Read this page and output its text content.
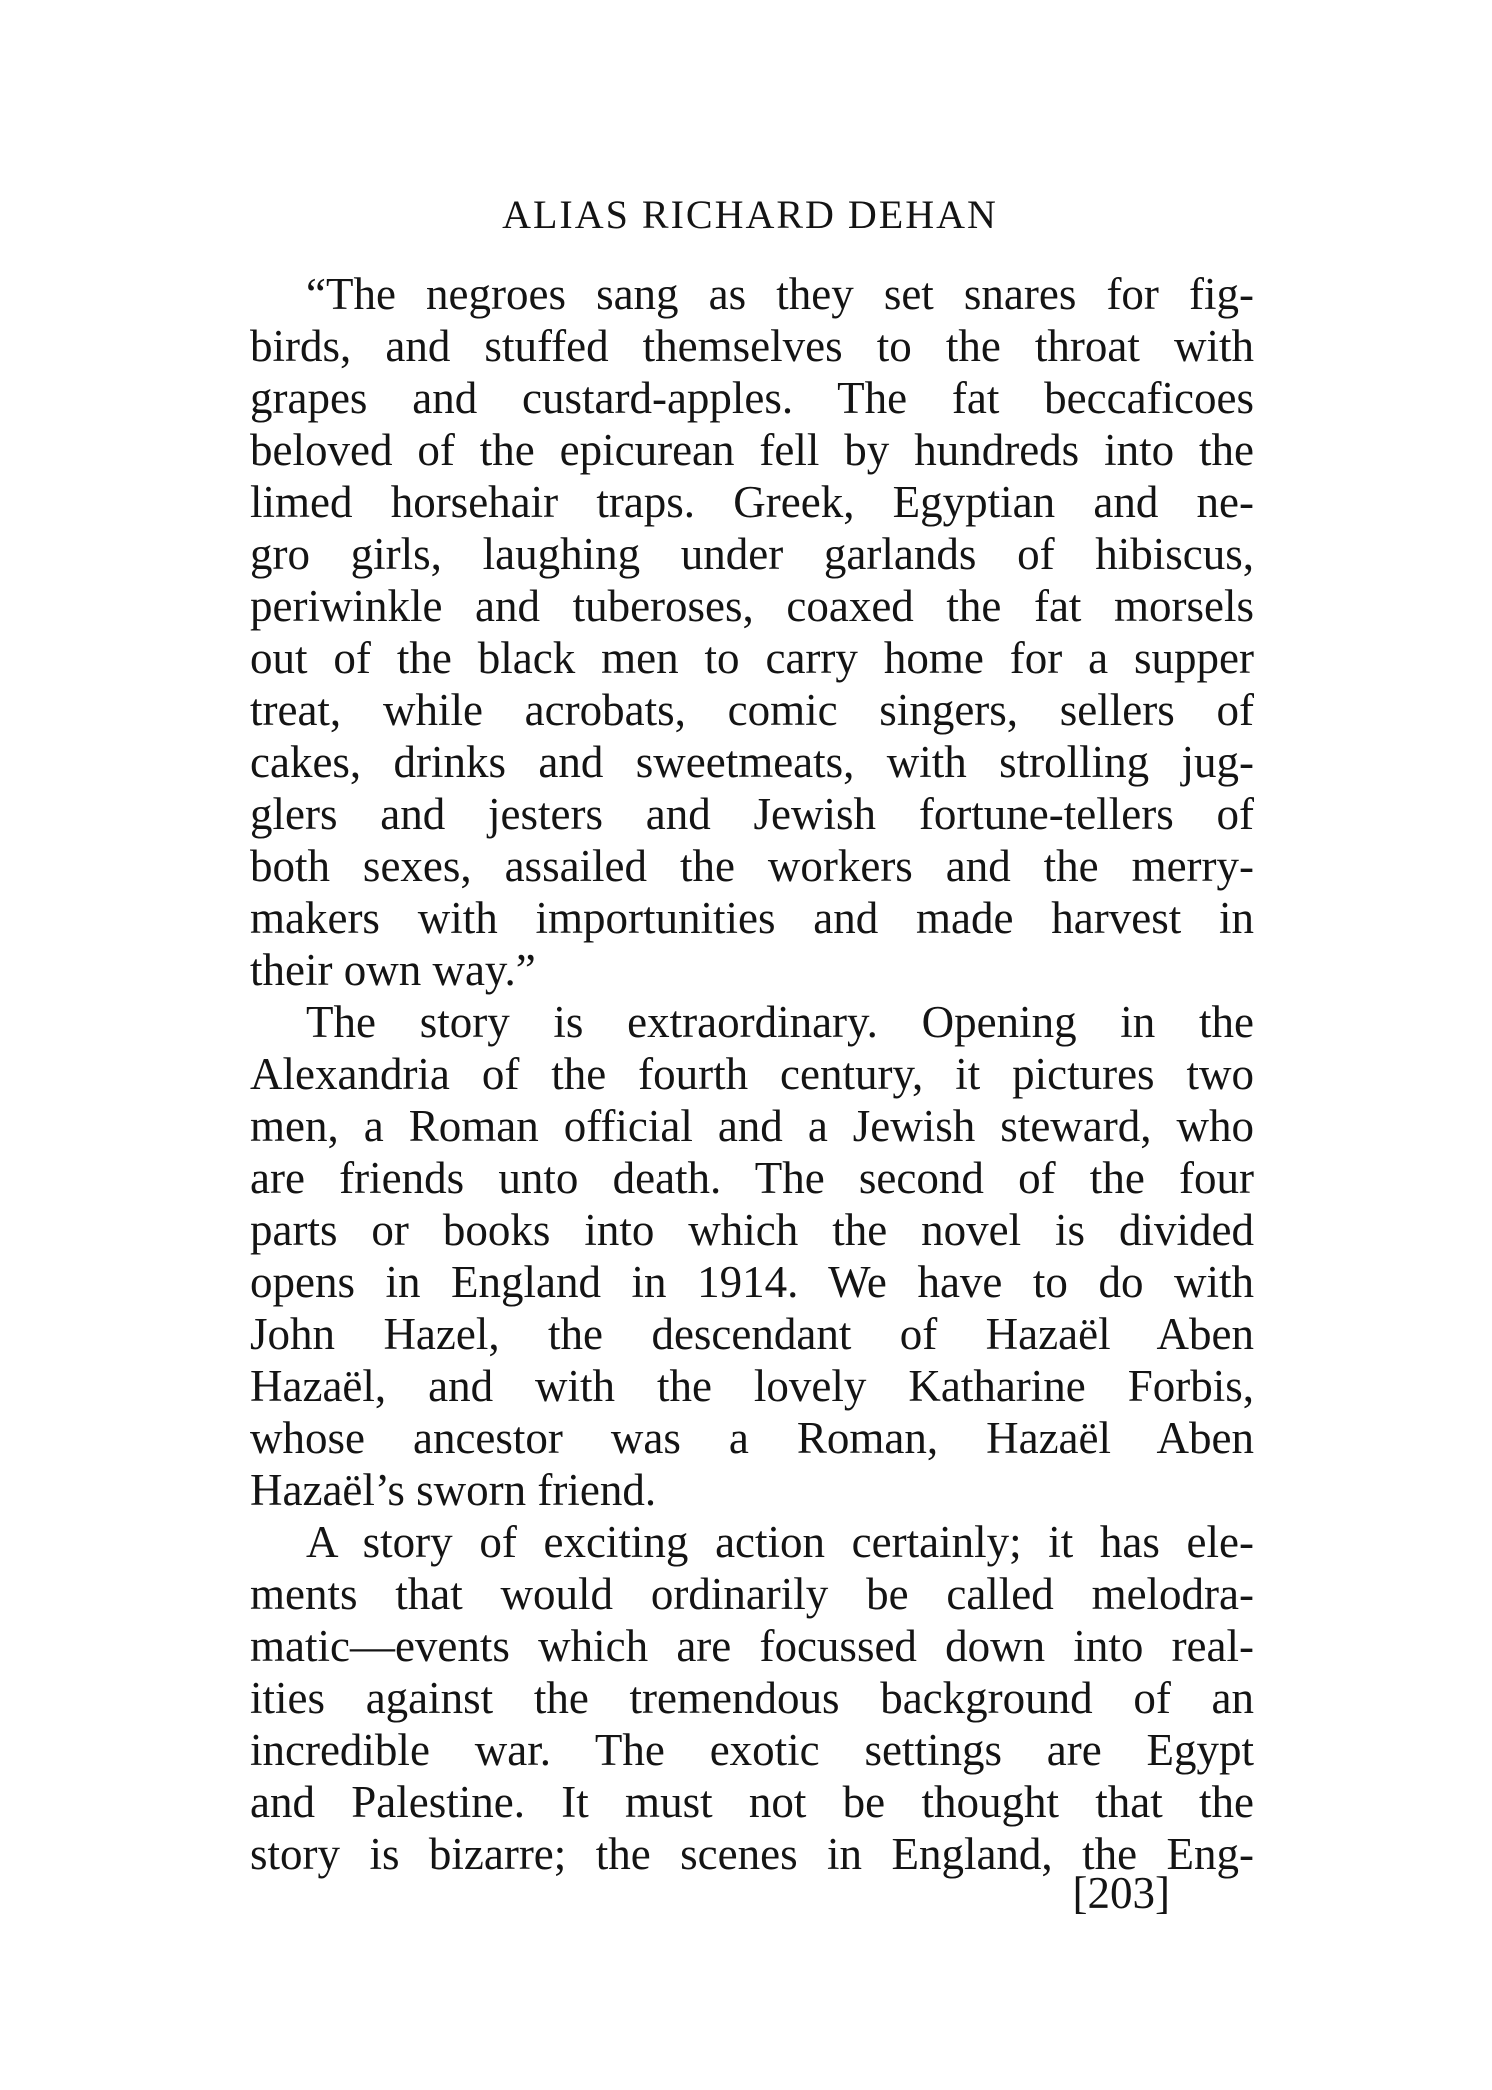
ALIAS RICHARD DEHAN
“The negroes sang as they set snares for fig-
birds, and stuffed themselves to the throat with
grapes and custard-apples. The fat beccaficoes
beloved of the epicurean fell by hundreds into the
limed horsehair traps. Greek, Egyptian and ne-
gro girls, laughing under garlands of hibiscus,
periwinkle and tuberoses, coaxed the fat morsels
out of the black men to carry home for a supper
treat, while acrobats, comic singers, sellers of
cakes, drinks and sweetmeats, with strolling jug-
glers and jesters and Jewish fortune-tellers of
both sexes, assailed the workers and the merry-
makers with importunities and made harvest in
their own way.”
The story is extraordinary. Opening in the
Alexandria of the fourth century, it pictures two
men, a Roman official and a Jewish steward, who
are friends unto death. The second of the four
parts or books into which the novel is divided
opens in England in 1914. We have to do with
John Hazel, the descendant of Hazaël Aben
Hazaël, and with the lovely Katharine Forbis,
whose ancestor was a Roman, Hazaël Aben
Hazaël’s sworn friend.
A story of exciting action certainly; it has ele-
ments that would ordinarily be called melodra-
matic—events which are focussed down into real-
ities against the tremendous background of an
incredible war. The exotic settings are Egypt
and Palestine. It must not be thought that the
story is bizarre; the scenes in England, the Eng-
[203]
